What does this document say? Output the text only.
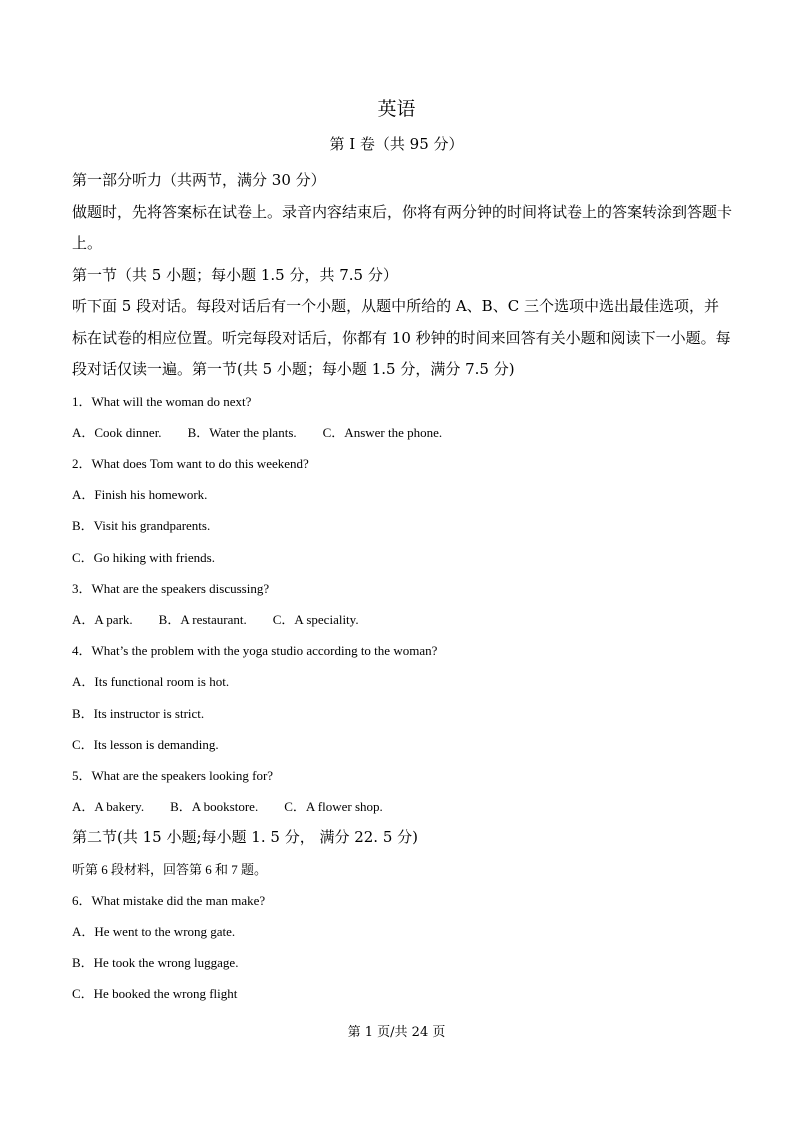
英语
第 I 卷（共 95 分）

第一部分听力（共两节，满分 30 分）

做题时，先将答案标在试卷上。录音内容结束后，你将有两分钟的时间将试卷上的答案转涂到答题卡上。

第一节（共 5 小题；每小题 1.5 分，共 7.5 分）

听下面 5 段对话。每段对话后有一个小题，从题中所给的 A、B、C 三个选项中选出最佳选项，并标在试卷的相应位置。听完每段对话后，你都有 10 秒钟的时间来回答有关小题和阅读下一小题。每段对话仅读一遍。第一节(共 5 小题；每小题 1.5 分，满分 7.5 分)

1．What will the woman do next?

A．Cook dinner. B．Water the plants. C．Answer the phone.

2．What does Tom want to do this weekend?

A．Finish his homework.

B．Visit his grandparents.

C．Go hiking with friends.

3．What are the speakers discussing?

A．A park. B．A restaurant. C．A speciality.

4．What’s the problem with the yoga studio according to the woman?

A．Its functional room is hot.

B．Its instructor is strict.

C．Its lesson is demanding.

5．What are the speakers looking for?

A．A bakery. B．A bookstore. C．A flower shop.

第二节(共 15 小题;每小题 1. 5 分， 满分 22. 5 分)

听第 6 段材料，回答第 6 和 7 题。

6．What mistake did the man make?

A．He went to the wrong gate.

B．He took the wrong luggage.

C．He booked the wrong flight

第 1 页/共 24 页
